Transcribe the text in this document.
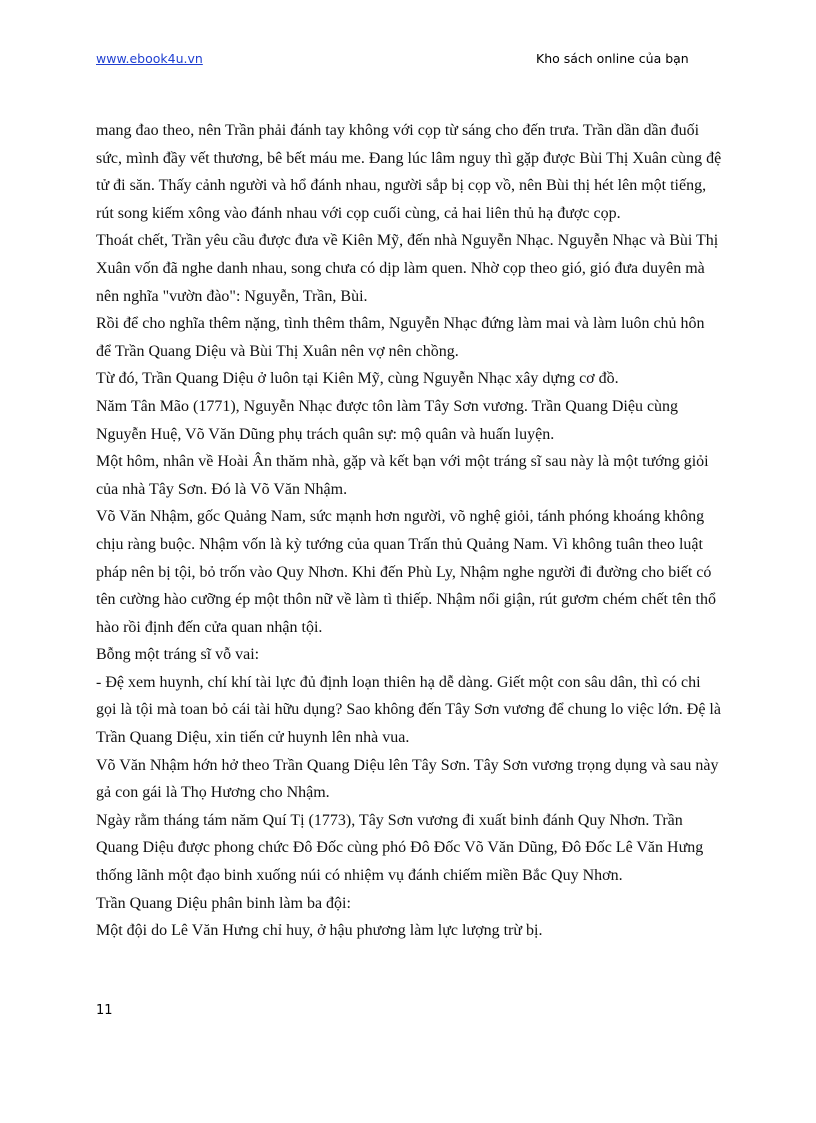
www.ebook4u.vn	Kho sách online của bạn

mang đao theo, nên Trần phải đánh tay không với cọp từ sáng cho đến trưa. Trần dần dần đuối sức, mình đầy vết thương, bê bết máu me. Đang lúc lâm nguy thì gặp được Bùi Thị Xuân cùng đệ tử đi săn. Thấy cảnh người và hổ đánh nhau, người sắp bị cọp vồ, nên Bùi thị hét lên một tiếng, rút song kiếm xông vào đánh nhau với cọp cuối cùng, cả hai liên thủ hạ được cọp.

Thoát chết, Trần yêu cầu được đưa về Kiên Mỹ, đến nhà Nguyễn Nhạc. Nguyễn Nhạc và Bùi Thị Xuân vốn đã nghe danh nhau, song chưa có dịp làm quen. Nhờ cọp theo gió, gió đưa duyên mà nên nghĩa "vườn đào": Nguyễn, Trần, Bùi.

Rồi để cho nghĩa thêm nặng, tình thêm thâm, Nguyễn Nhạc đứng làm mai và làm luôn chủ hôn để Trần Quang Diệu và Bùi Thị Xuân nên vợ nên chồng.

Từ đó, Trần Quang Diệu ở luôn tại Kiên Mỹ, cùng Nguyễn Nhạc xây dựng cơ đồ.

Năm Tân Mão (1771), Nguyễn Nhạc được tôn làm Tây Sơn vương. Trần Quang Diệu cùng Nguyễn Huệ, Võ Văn Dũng phụ trách quân sự: mộ quân và huấn luyện.

Một hôm, nhân về Hoài Ân thăm nhà, gặp và kết bạn với một tráng sĩ sau này là một tướng giỏi của nhà Tây Sơn. Đó là Võ Văn Nhậm.

Võ Văn Nhậm, gốc Quảng Nam, sức mạnh hơn người, võ nghệ giỏi, tánh phóng khoáng không chịu ràng buộc. Nhậm vốn là kỳ tướng của quan Trấn thủ Quảng Nam. Vì không tuân theo luật pháp nên bị tội, bỏ trốn vào Quy Nhơn. Khi đến Phù Ly, Nhậm nghe người đi đường cho biết có tên cường hào cưỡng ép một thôn nữ về làm tì thiếp. Nhậm nổi giận, rút gươm chém chết tên thổ hào rồi định đến cửa quan nhận tội.

Bỗng một tráng sĩ vỗ vai:

- Đệ xem huynh, chí khí tài lực đủ định loạn thiên hạ dễ dàng. Giết một con sâu dân, thì có chi gọi là tội mà toan bỏ cái tài hữu dụng? Sao không đến Tây Sơn vương để chung lo việc lớn. Đệ là Trần Quang Diệu, xin tiến cử huynh lên nhà vua.

Võ Văn Nhậm hớn hở theo Trần Quang Diệu lên Tây Sơn. Tây Sơn vương trọng dụng và sau này gả con gái là Thọ Hương cho Nhậm.

Ngày rằm tháng tám năm Quí Tị (1773), Tây Sơn vương đi xuất binh đánh Quy Nhơn. Trần Quang Diệu được phong chức Đô Đốc cùng phó Đô Đốc Võ Văn Dũng, Đô Đốc Lê Văn Hưng thống lãnh một đạo binh xuống núi có nhiệm vụ đánh chiếm miền Bắc Quy Nhơn.

Trần Quang Diệu phân binh làm ba đội:

Một đội do Lê Văn Hưng chỉ huy, ở hậu phương làm lực lượng trừ bị.

11
